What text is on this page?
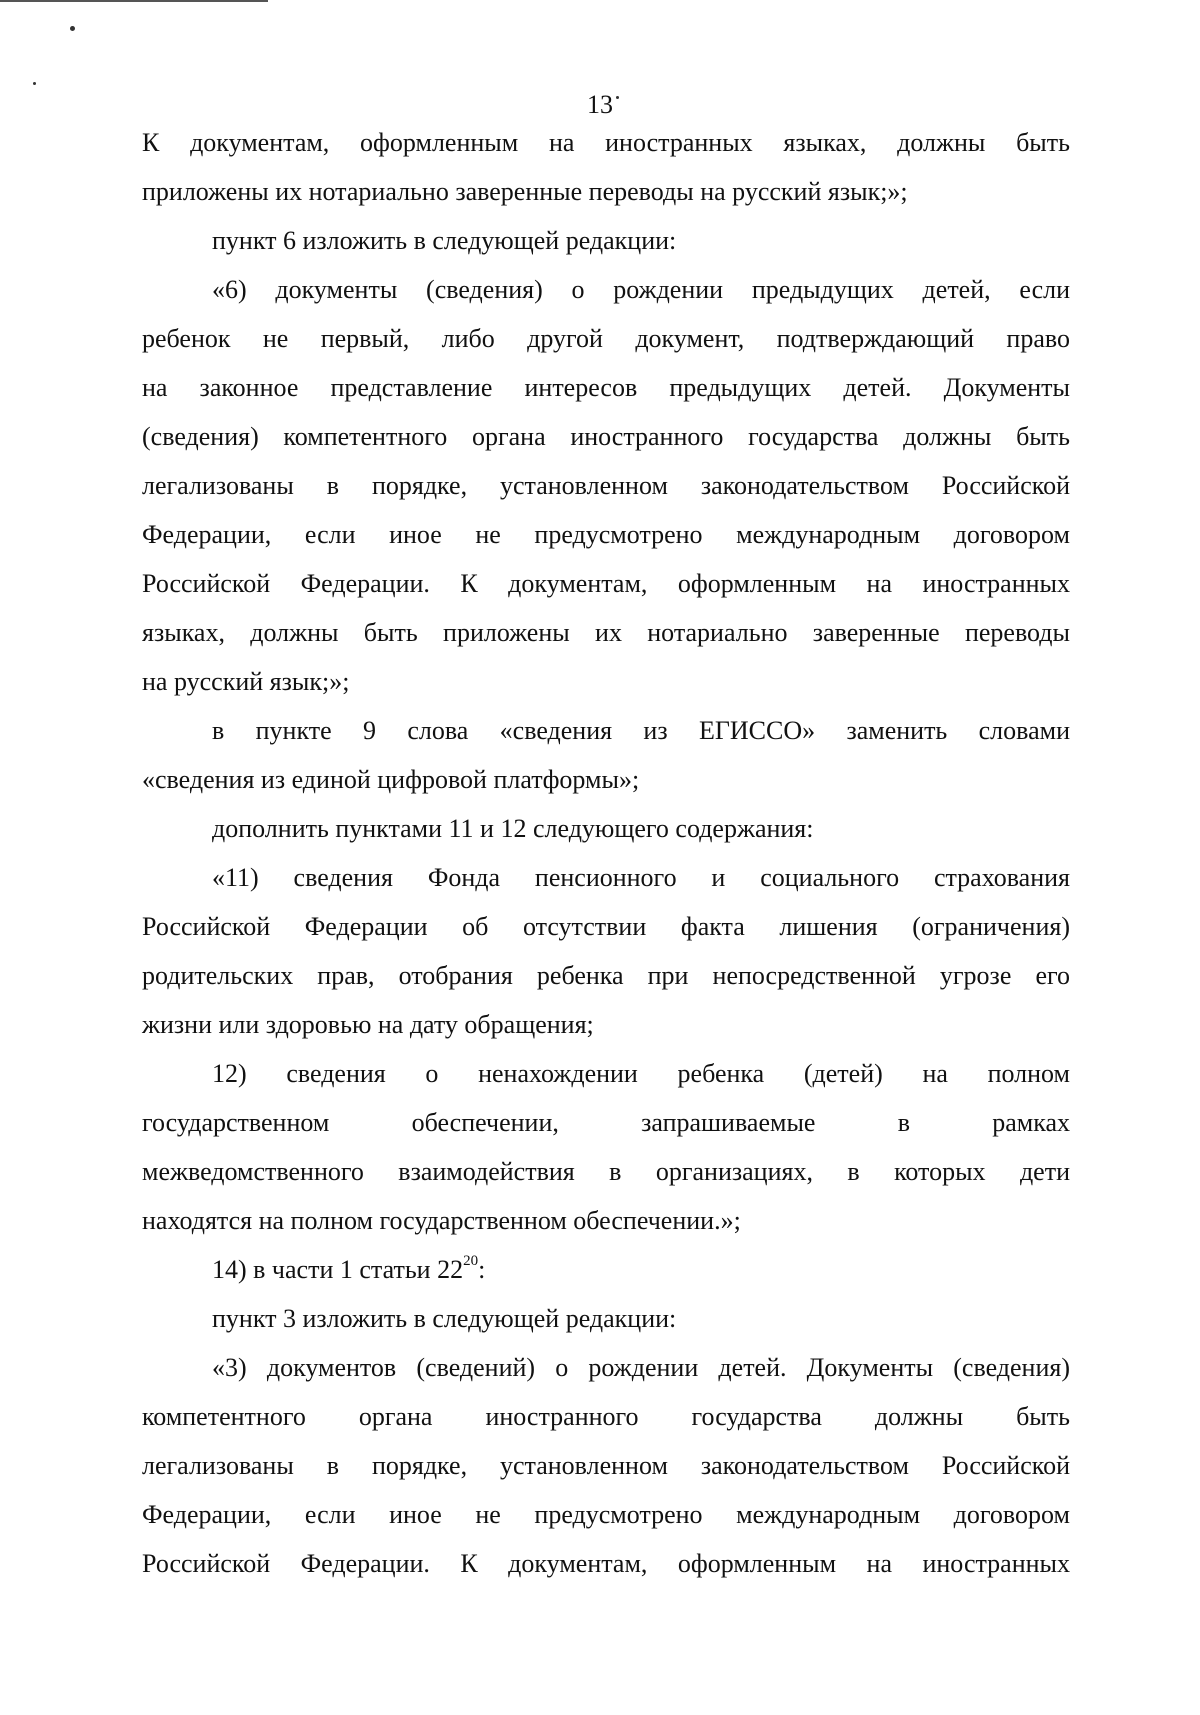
13
К документам, оформленным на иностранных языках, должны быть
приложены их нотариально заверенные переводы на русский язык;»;
пункт 6 изложить в следующей редакции:
«6) документы (сведения) о рождении предыдущих детей, если
ребенок не первый, либо другой документ, подтверждающий право
на законное представление интересов предыдущих детей. Документы
(сведения) компетентного органа иностранного государства должны быть
легализованы в порядке, установленном законодательством Российской
Федерации, если иное не предусмотрено международным договором
Российской Федерации. К документам, оформленным на иностранных
языках, должны быть приложены их нотариально заверенные переводы
на русский язык;»;
в пункте 9 слова «сведения из ЕГИССО» заменить словами
«сведения из единой цифровой платформы»;
дополнить пунктами 11 и 12 следующего содержания:
«11) сведения Фонда пенсионного и социального страхования
Российской Федерации об отсутствии факта лишения (ограничения)
родительских прав, отобрания ребенка при непосредственной угрозе его
жизни или здоровью на дату обращения;
12) сведения о ненахождении ребенка (детей) на полном
государственном обеспечении, запрашиваемые в рамках
межведомственного взаимодействия в организациях, в которых дети
находятся на полном государственном обеспечении.»;
14) в части 1 статьи $22^{20}$:
пункт 3 изложить в следующей редакции:
«3) документов (сведений) о рождении детей. Документы (сведения)
компетентного органа иностранного государства должны быть
легализованы в порядке, установленном законодательством Российской
Федерации, если иное не предусмотрено международным договором
Российской Федерации. К документам, оформленным на иностранных
